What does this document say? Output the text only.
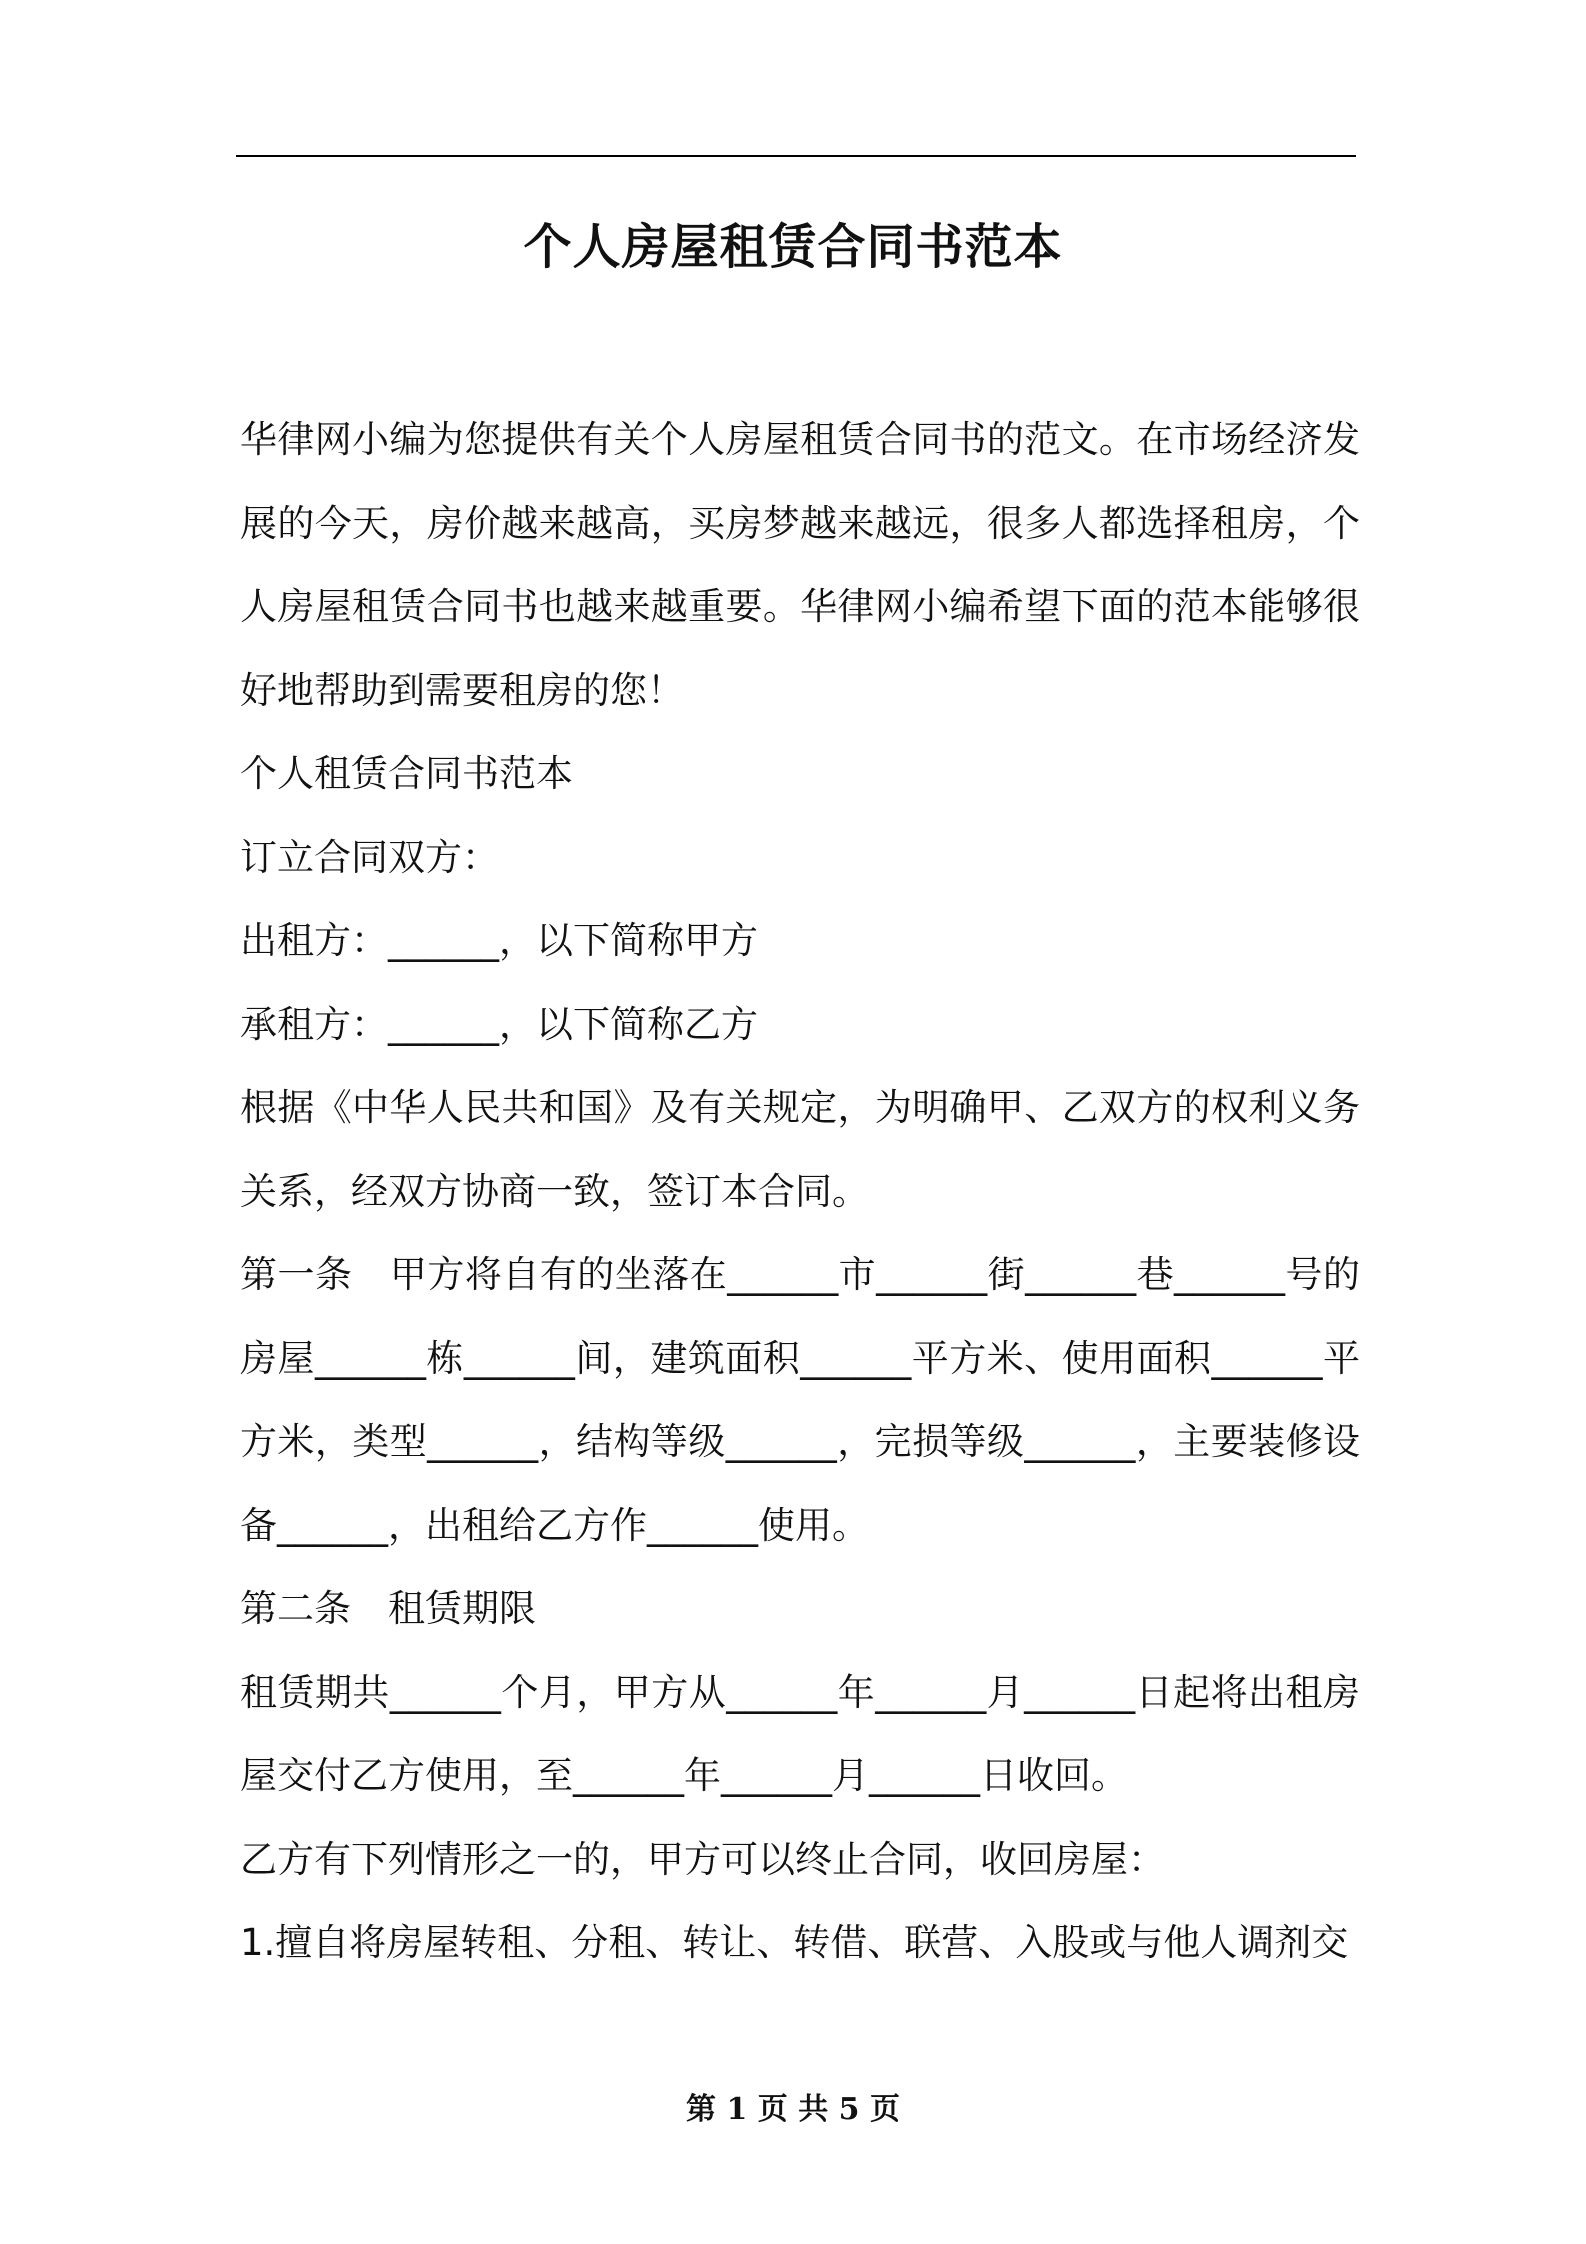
个人房屋租赁合同书范本

华律网小编为您提供有关个人房屋租赁合同书的范文。在市场经济发展的今天，房价越来越高，买房梦越来越远，很多人都选择租房，个人房屋租赁合同书也越来越重要。华律网小编希望下面的范本能够很好地帮助到需要租房的您！

个人租赁合同书范本

订立合同双方：

出租方：______，以下简称甲方

承租方：______，以下简称乙方

根据《中华人民共和国》及有关规定，为明确甲、乙双方的权利义务关系，经双方协商一致，签订本合同。

第一条　甲方将自有的坐落在______市______街______巷______号的房屋______栋______间，建筑面积______平方米、使用面积______平方米，类型______，结构等级______，完损等级______，主要装修设备______，出租给乙方作______使用。

第二条　租赁期限

租赁期共______个月，甲方从______年______月______日起将出租房屋交付乙方使用，至______年______月______日收回。

乙方有下列情形之一的，甲方可以终止合同，收回房屋：

1.擅自将房屋转租、分租、转让、转借、联营、入股或与他人调剂交

第 1 页 共 5 页
